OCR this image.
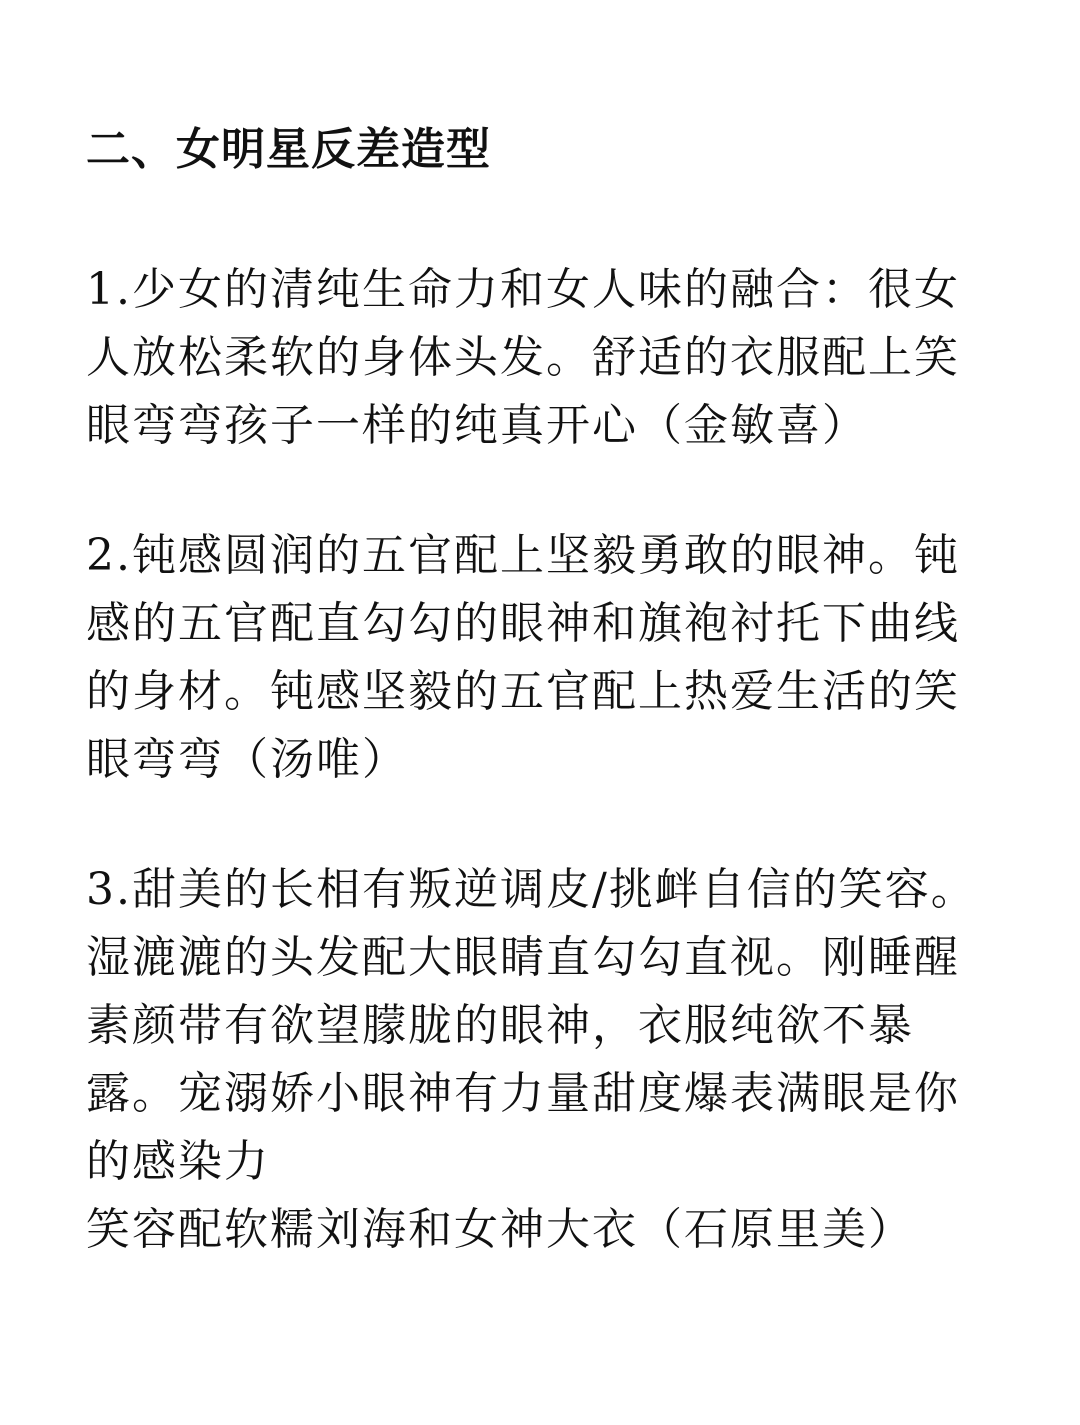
二、女明星反差造型

1.少女的清纯生命力和女人味的融合：很女
人放松柔软的身体头发。舒适的衣服配上笑
眼弯弯孩子一样的纯真开心（金敏喜）

2.钝感圆润的五官配上坚毅勇敢的眼神。钝
感的五官配直勾勾的眼神和旗袍衬托下曲线
的身材。钝感坚毅的五官配上热爱生活的笑
眼弯弯（汤唯）

3.甜美的长相有叛逆调皮/挑衅自信的笑容。
湿漉漉的头发配大眼睛直勾勾直视。刚睡醒
素颜带有欲望朦胧的眼神，衣服纯欲不暴
露。宠溺娇小眼神有力量甜度爆表满眼是你
的感染力
笑容配软糯刘海和女神大衣（石原里美）
